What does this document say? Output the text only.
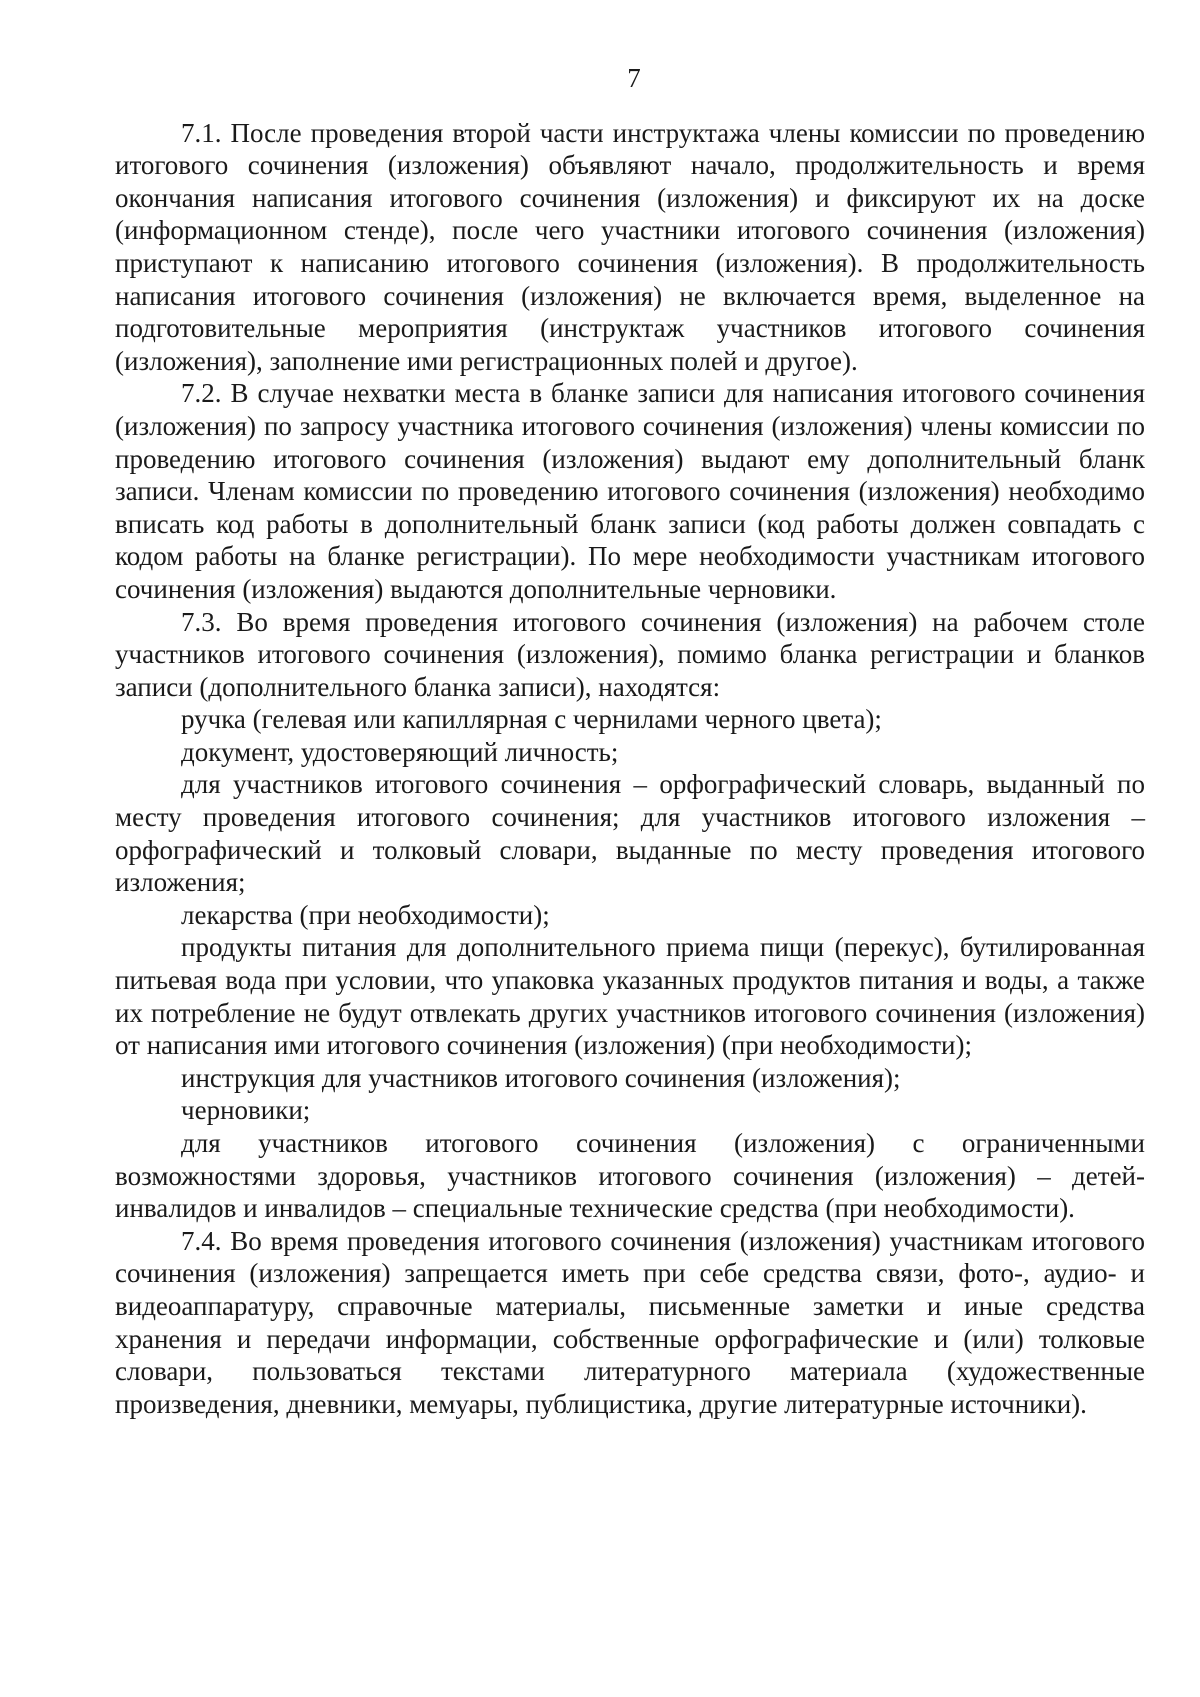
7

7.1. После проведения второй части инструктажа члены комиссии по проведению итогового сочинения (изложения) объявляют начало, продолжительность и время окончания написания итогового сочинения (изложения) и фиксируют их на доске (информационном стенде), после чего участники итогового сочинения (изложения) приступают к написанию итогового сочинения (изложения). В продолжительность написания итогового сочинения (изложения) не включается время, выделенное на подготовительные мероприятия (инструктаж участников итогового сочинения (изложения), заполнение ими регистрационных полей и другое).

7.2. В случае нехватки места в бланке записи для написания итогового сочинения (изложения) по запросу участника итогового сочинения (изложения) члены комиссии по проведению итогового сочинения (изложения) выдают ему дополнительный бланк записи. Членам комиссии по проведению итогового сочинения (изложения) необходимо вписать код работы в дополнительный бланк записи (код работы должен совпадать с кодом работы на бланке регистрации). По мере необходимости участникам итогового сочинения (изложения) выдаются дополнительные черновики.

7.3. Во время проведения итогового сочинения (изложения) на рабочем столе участников итогового сочинения (изложения), помимо бланка регистрации и бланков записи (дополнительного бланка записи), находятся:

ручка (гелевая или капиллярная с чернилами черного цвета);

документ, удостоверяющий личность;

для участников итогового сочинения – орфографический словарь, выданный по месту проведения итогового сочинения; для участников итогового изложения – орфографический и толковый словари, выданные по месту проведения итогового изложения;

лекарства (при необходимости);

продукты питания для дополнительного приема пищи (перекус), бутилированная питьевая вода при условии, что упаковка указанных продуктов питания и воды, а также их потребление не будут отвлекать других участников итогового сочинения (изложения) от написания ими итогового сочинения (изложения) (при необходимости);

инструкция для участников итогового сочинения (изложения);

черновики;

для участников итогового сочинения (изложения) с ограниченными возможностями здоровья, участников итогового сочинения (изложения) – детей-инвалидов и инвалидов – специальные технические средства (при необходимости).

7.4. Во время проведения итогового сочинения (изложения) участникам итогового сочинения (изложения) запрещается иметь при себе средства связи, фото-, аудио- и видеоаппаратуру, справочные материалы, письменные заметки и иные средства хранения и передачи информации, собственные орфографические и (или) толковые словари, пользоваться текстами литературного материала (художественные произведения, дневники, мемуары, публицистика, другие литературные источники).
